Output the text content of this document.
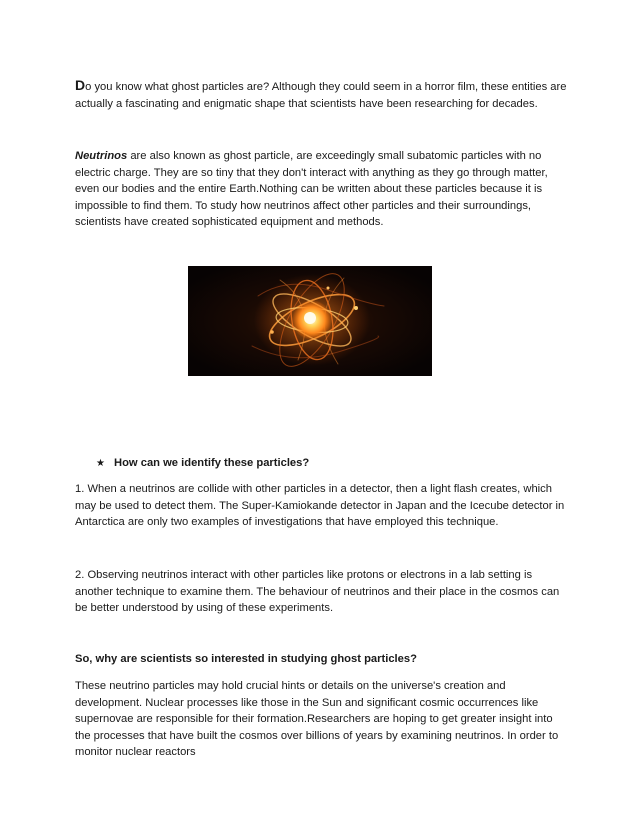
Do you know what ghost particles are? Although they could seem in a horror film, these entities are actually a fascinating and enigmatic shape that scientists have been researching for decades.

Neutrinos are also known as ghost particle, are exceedingly small subatomic particles with no electric charge. They are so tiny that they don't interact with anything as they go through matter, even our bodies and the entire Earth.Nothing can be written about these particles because it is impossible to find them. To study how neutrinos affect other particles and their surroundings, scientists have created sophisticated equipment and methods.

★ How can we identify these particles?

1. When a neutrinos are collide with other particles in a detector, then a light flash creates, which may be used to detect them. The Super-Kamiokande detector in Japan and the Icecube detector in Antarctica are only two examples of investigations that have employed this technique.

2. Observing neutrinos interact with other particles like protons or electrons in a lab setting is another technique to examine them. The behaviour of neutrinos and their place in the cosmos can be better understood by using of these experiments.

So, why are scientists so interested in studying ghost particles?

These neutrino particles may hold crucial hints or details on the universe's creation and development. Nuclear processes like those in the Sun and significant cosmic occurrences like supernovae are responsible for their formation.Researchers are hoping to get greater insight into the processes that have built the cosmos over billions of years by examining neutrinos. In order to monitor nuclear reactors
